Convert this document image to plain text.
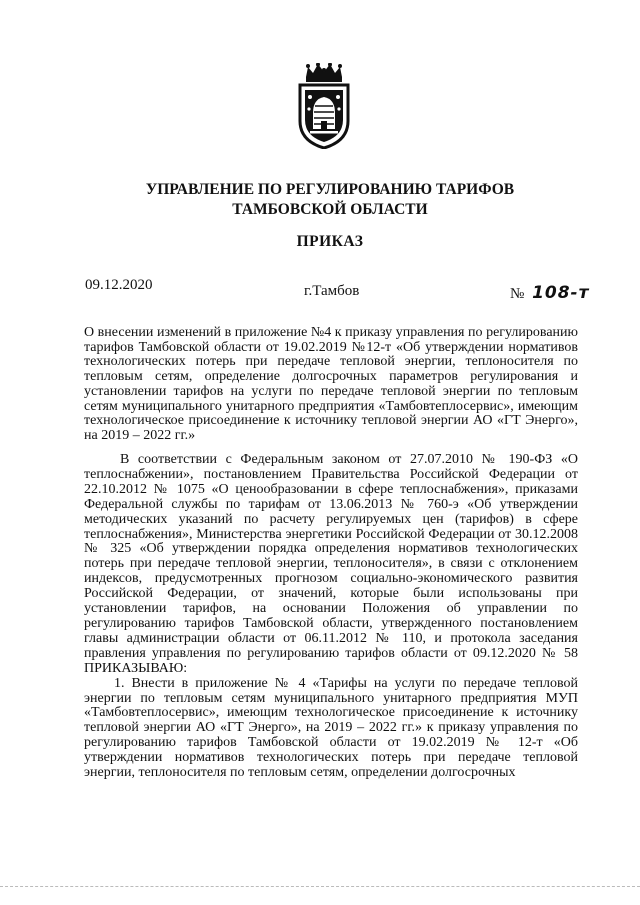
УПРАВЛЕНИЕ ПО РЕГУЛИРОВАНИЮ ТАРИФОВ
ТАМБОВСКОЙ ОБЛАСТИ
ПРИКАЗ
09.12.2020	г.Тамбов	№ 108-т
О внесении изменений в приложение №4 к приказу управления по регулированию тарифов Тамбовской области от 19.02.2019 №12-т «Об утверждении нормативов технологических потерь при передаче тепловой энергии, теплоносителя по тепловым сетям, определение долгосрочных параметров регулирования и установлении тарифов на услуги по передаче тепловой энергии по тепловым сетям муниципального унитарного предприятия «Тамбовтеплосервис», имеющим технологическое присоединение к источнику тепловой энергии АО «ГТ Энерго», на 2019 – 2022 гг.»

В соответствии с Федеральным законом от 27.07.2010 № 190-ФЗ «О теплоснабжении», постановлением Правительства Российской Федерации от 22.10.2012 № 1075 «О ценообразовании в сфере теплоснабжения», приказами Федеральной службы по тарифам от 13.06.2013 № 760-э «Об утверждении методических указаний по расчету регулируемых цен (тарифов) в сфере теплоснабжения», Министерства энергетики Российской Федерации от 30.12.2008 № 325 «Об утверждении порядка определения нормативов технологических потерь при передаче тепловой энергии, теплоносителя», в связи с отклонением индексов, предусмотренных прогнозом социально-экономического развития Российской Федерации, от значений, которые были использованы при установлении тарифов, на основании Положения об управлении по регулированию тарифов Тамбовской области, утвержденного постановлением главы администрации области от 06.11.2012 № 110, и протокола заседания правления управления по регулированию тарифов области от 09.12.2020 № 58 ПРИКАЗЫВАЮ:

1. Внести в приложение № 4 «Тарифы на услуги по передаче тепловой энергии по тепловым сетям муниципального унитарного предприятия МУП «Тамбовтеплосервис», имеющим технологическое присоединение к источнику тепловой энергии АО «ГТ Энерго», на 2019 – 2022 гг.» к приказу управления по регулированию тарифов Тамбовской области от 19.02.2019 № 12-т «Об утверждении нормативов технологических потерь при передаче тепловой энергии, теплоносителя по тепловым сетям, определении долгосрочных
